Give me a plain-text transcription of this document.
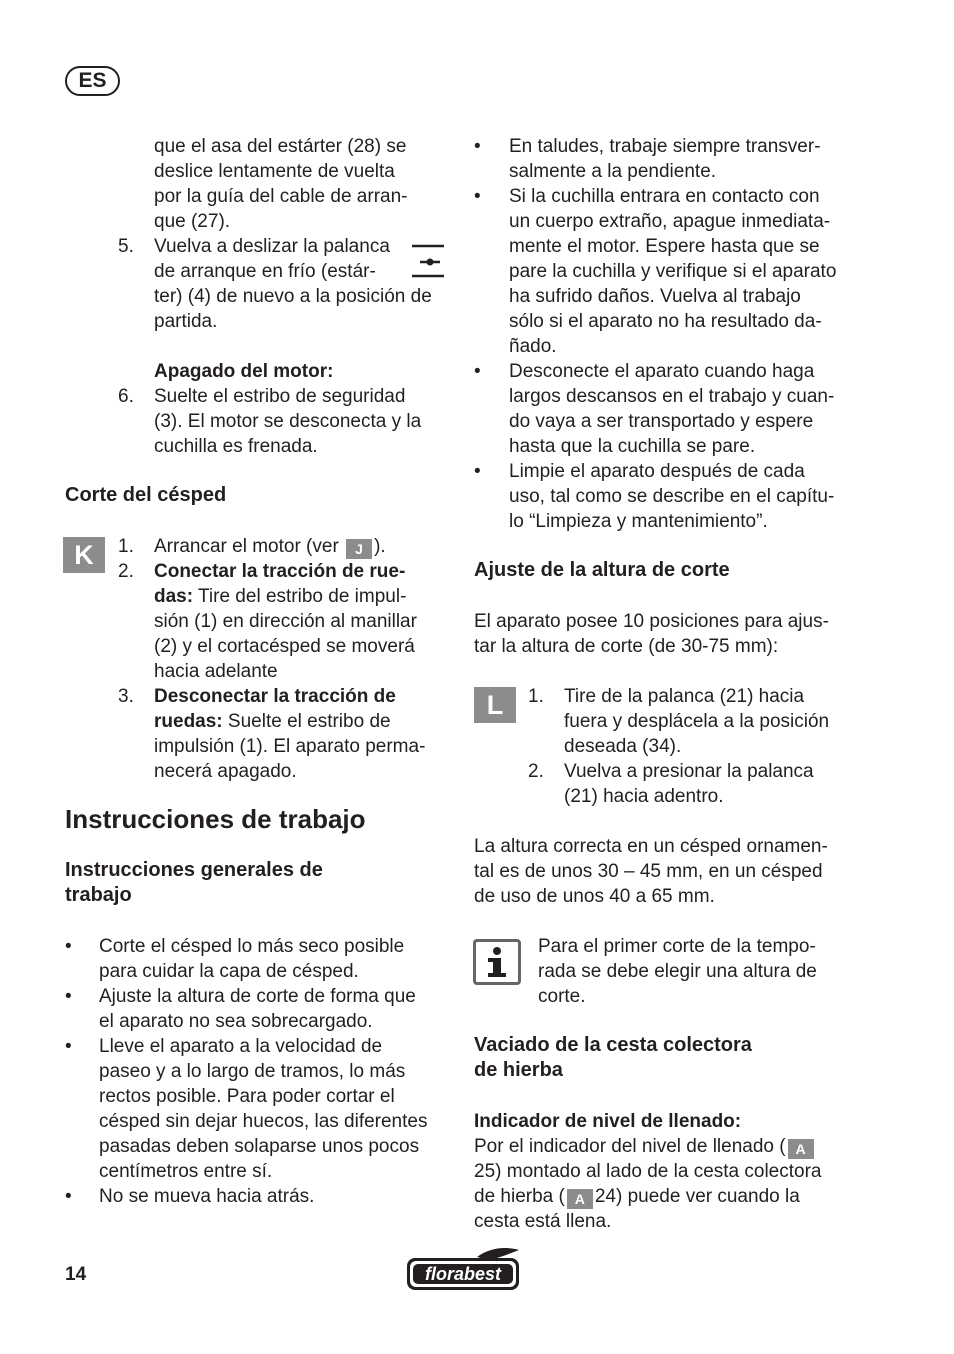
ES
que el asa del estárter (28) se
deslice lentamente de vuelta
por la guía del cable de arran-
que (27).
5. Vuelva a deslizar la palanca
de arranque en frío (estár-
ter) (4) de nuevo a la posición de
partida.
Apagado del motor:
6. Suelte el estribo de seguridad
(3). El motor se desconecta y la
cuchilla es frenada.
Corte del césped
K	1. Arrancar el motor (ver J ).
2. Conectar la tracción de rue-
das: Tire del estribo de impul-
sión (1) en dirección al manillar
(2) y el cortacésped se moverá
hacia adelante
3. Desconectar la tracción de
ruedas: Suelte el estribo de
impulsión (1). El aparato perma-
necerá apagado.
Instrucciones de trabajo
Instrucciones generales de
trabajo
• Corte el césped lo más seco posible
para cuidar la capa de césped.
• Ajuste la altura de corte de forma que
el aparato no sea sobrecargado.
• Lleve el aparato a la velocidad de
paseo y a lo largo de tramos, lo más
rectos posible. Para poder cortar el
césped sin dejar huecos, las diferentes
pasadas deben solaparse unos pocos
centímetros entre sí.
• No se mueva hacia atrás.
• En taludes, trabaje siempre transver-
salmente a la pendiente.
• Si la cuchilla entrara en contacto con
un cuerpo extraño, apague inmediata-
mente el motor. Espere hasta que se
pare la cuchilla y verifique si el aparato
ha sufrido daños. Vuelva al trabajo
sólo si el aparato no ha resultado da-
ñado.
• Desconecte el aparato cuando haga
largos descansos en el trabajo y cuan-
do vaya a ser transportado y espere
hasta que la cuchilla se pare.
• Limpie el aparato después de cada
uso, tal como se describe en el capítu-
lo “Limpieza y mantenimiento”.
Ajuste de la altura de corte
El aparato posee 10 posiciones para ajus-
tar la altura de corte (de 30-75 mm):
L	1. Tire de la palanca (21) hacia
fuera y desplácela a la posición
deseada (34).
2. Vuelva a presionar la palanca
(21) hacia adentro.
La altura correcta en un césped ornamen-
tal es de unos 30 – 45 mm, en un césped
de uso de unos 40 a 65 mm.
Para el primer corte de la tempo-
rada se debe elegir una altura de
corte.
Vaciado de la cesta colectora
de hierba
Indicador de nivel de llenado:
Por el indicador del nivel de llenado ( A
25) montado al lado de la cesta colectora
de hierba ( A 24) puede ver cuando la
cesta está llena.
14	florabest
